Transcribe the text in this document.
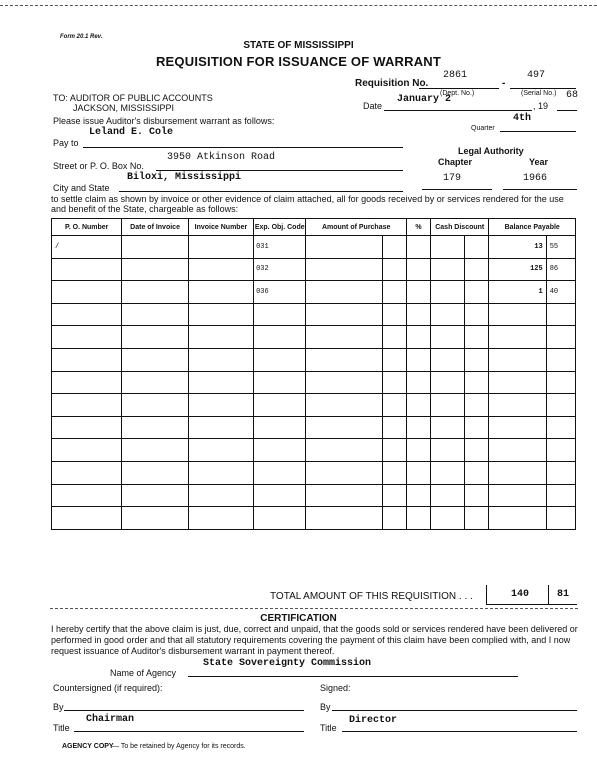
Form 20.1 Rev.
STATE OF MISSISSIPPI
REQUISITION FOR ISSUANCE OF WARRANT
Requisition No.
2861
-
497
(Dept. No.)	(Serial No.)
TO: AUDITOR OF PUBLIC ACCOUNTS
JACKSON, MISSISSIPPI	Date
January 2
, 19
68
Please issue Auditor's disbursement warrant as follows:
Quarter
4th
Pay to
Leland E. Cole
Legal Authority
Chapter	Year
Street or P. O. Box No.
3950 Atkinson Road
City and State
Biloxi, Mississippi	179	1966
to settle claim as shown by invoice or other evidence of claim attached, all for goods received by or services rendered for the use and benefit of the State, chargeable as follows:
P. O. Number	Date of Invoice	Invoice Number	Exp. Obj. Code	Amount of Purchase		%	Cash Discount		Balance Payable	
/			031						13	55
			032						125	86
			036						1	40

TOTAL AMOUNT OF THIS REQUISITION . . .	140	81
CERTIFICATION
I hereby certify that the above claim is just, due, correct and unpaid, that the goods sold or services rendered have been delivered or performed in good order and that all statutory requirements covering the payment of this claim have been complied with, and I now request issuance of Auditor's disbursement warrant in payment thereof.
Name of Agency
State Sovereignty Commission
Countersigned (if required):	Signed:
By	By
Title
Chairman
Title
Director
AGENCY COPY
— To be retained by Agency for its records.
